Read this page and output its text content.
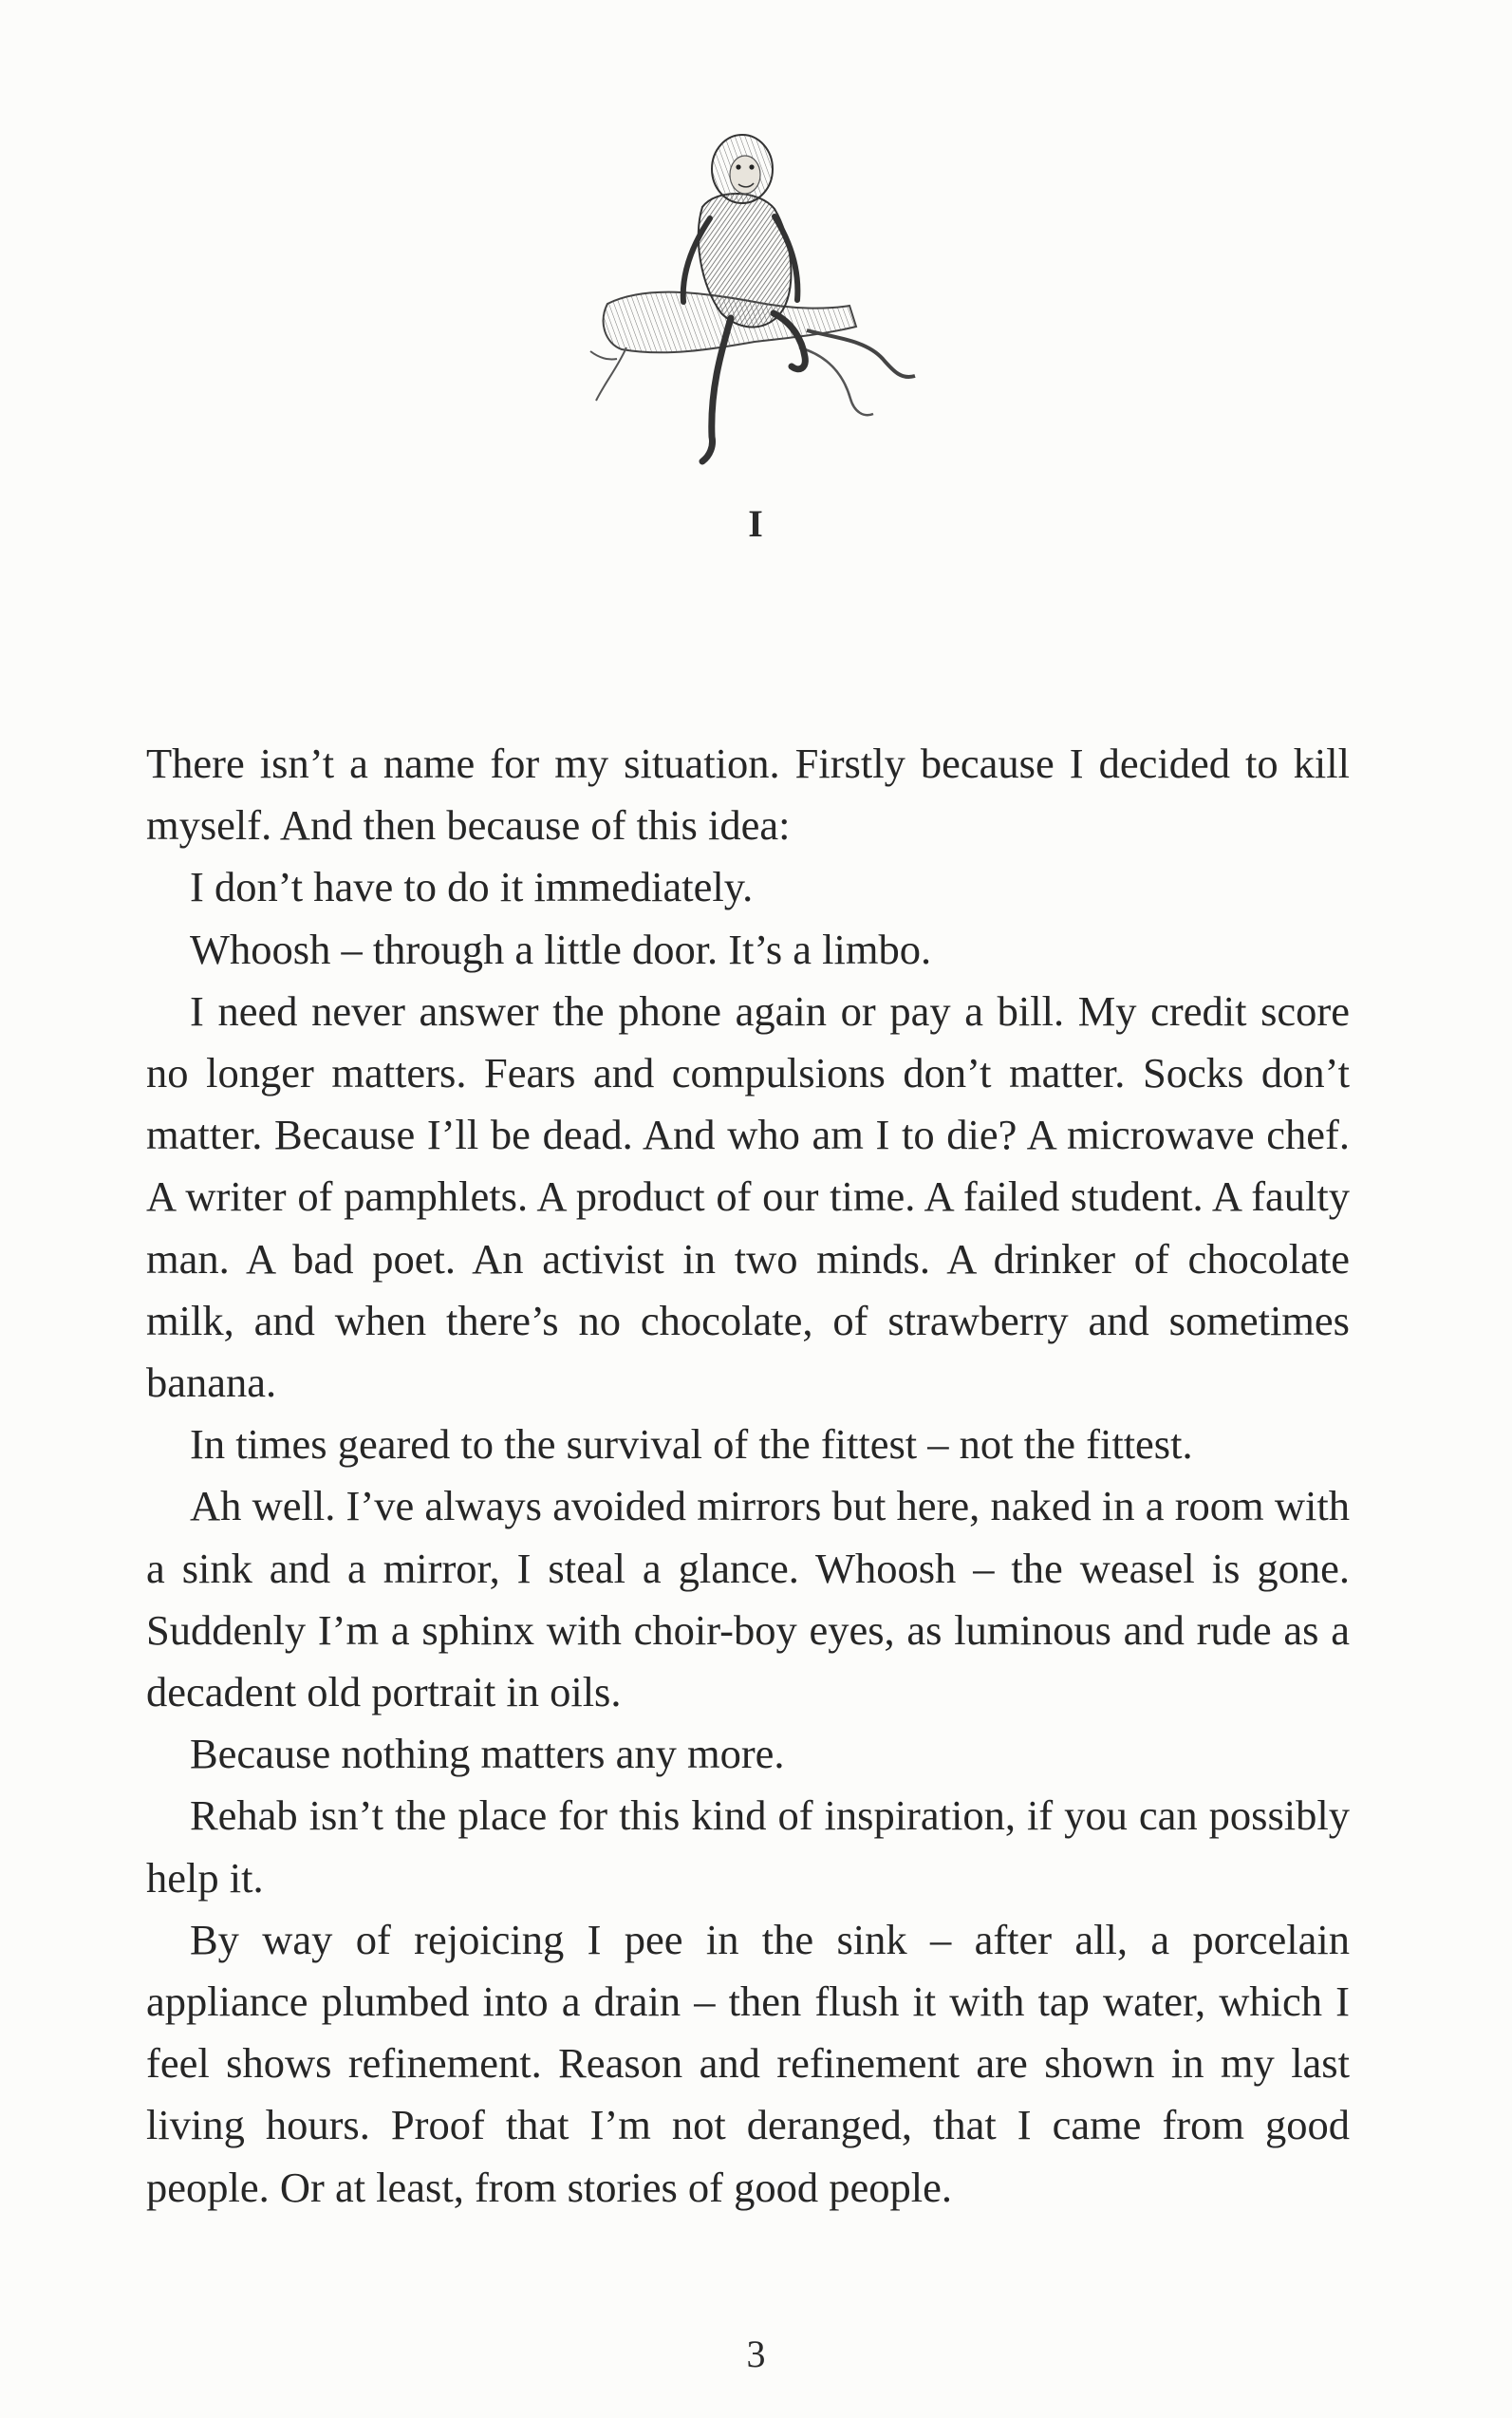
I

There isn’t a name for my situation. Firstly because I decided to kill myself. And then because of this idea:

I don’t have to do it immediately.

Whoosh – through a little door. It’s a limbo.

I need never answer the phone again or pay a bill. My credit score no longer matters. Fears and compulsions don’t matter. Socks don’t matter. Because I’ll be dead. And who am I to die? A microwave chef. A writer of pamphlets. A product of our time. A failed student. A faulty man. A bad poet. An activist in two minds. A drinker of chocolate milk, and when there’s no chocolate, of strawberry and sometimes banana.

In times geared to the survival of the fittest – not the fittest.

Ah well. I’ve always avoided mirrors but here, naked in a room with a sink and a mirror, I steal a glance. Whoosh – the weasel is gone. Suddenly I’m a sphinx with choir-boy eyes, as luminous and rude as a decadent old portrait in oils.

Because nothing matters any more.

Rehab isn’t the place for this kind of inspiration, if you can possibly help it.

By way of rejoicing I pee in the sink – after all, a porcelain appliance plumbed into a drain – then flush it with tap water, which I feel shows refinement. Reason and refinement are shown in my last living hours. Proof that I’m not deranged, that I came from good people. Or at least, from stories of good people.

3
